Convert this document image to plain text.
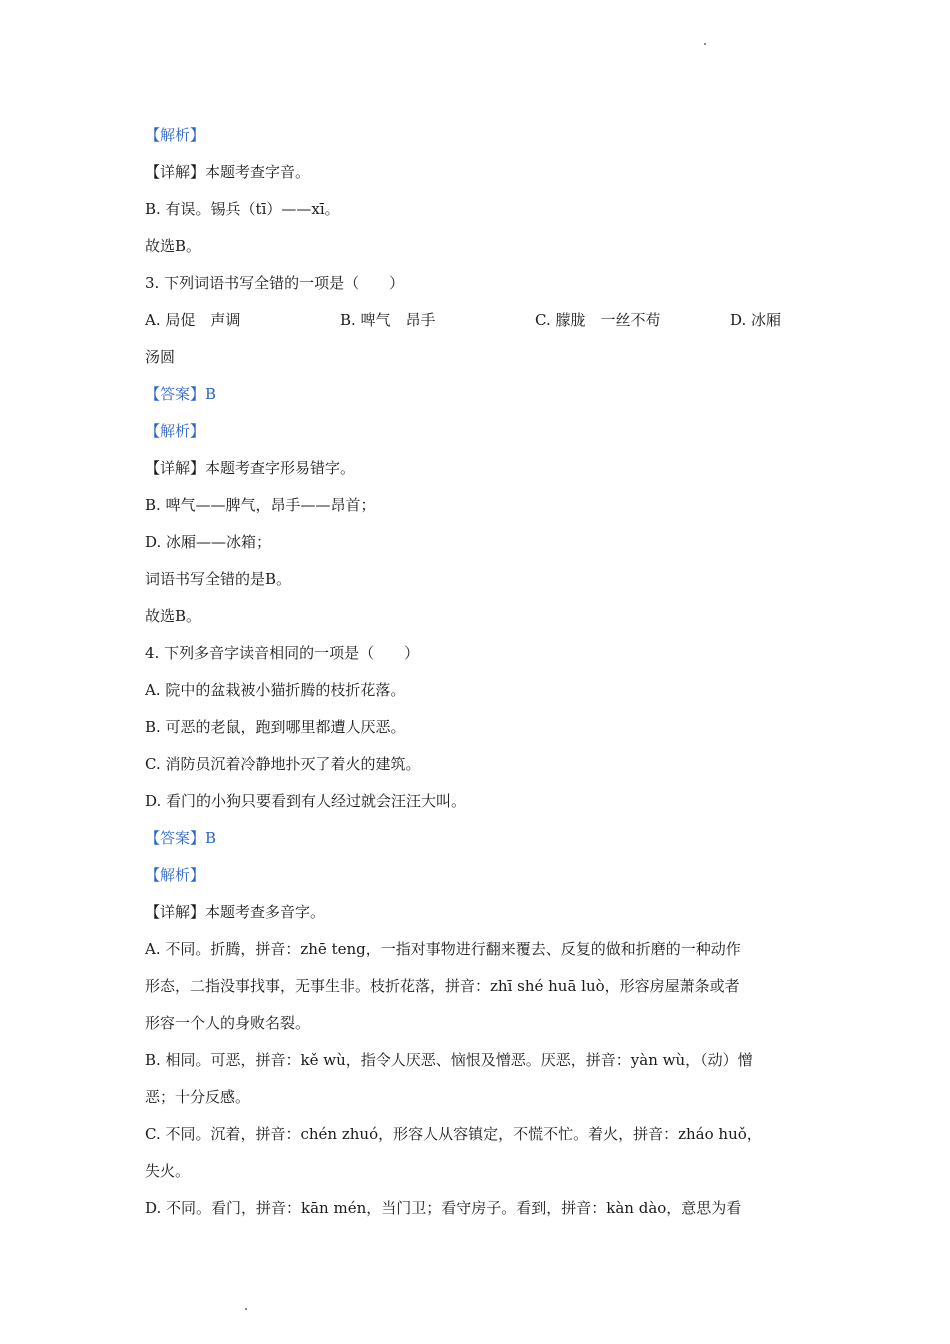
【解析】
【详解】本题考查字音。
B. 有误。锡兵（tī）——xī。
故选B。
3. 下列词语书写全错的一项是（　　）
A. 局促　声调	B. 啤气　昂手	C. 朦胧　一丝不苟	D. 冰厢
汤圆
【答案】B
【解析】
【详解】本题考查字形易错字。
B. 啤气——脾气，昂手——昂首；
D. 冰厢——冰箱；
词语书写全错的是B。
故选B。
4. 下列多音字读音相同的一项是（　　）
A. 院中的盆栽被小猫折腾的枝折花落。
B. 可恶的老鼠，跑到哪里都遭人厌恶。
C. 消防员沉着冷静地扑灭了着火的建筑。
D. 看门的小狗只要看到有人经过就会汪汪大叫。
【答案】B
【解析】
【详解】本题考查多音字。
A. 不同。折腾，拼音：zhē teng，一指对事物进行翻来覆去、反复的做和折磨的一种动作
形态，二指没事找事，无事生非。枝折花落，拼音：zhī shé huā luò，形容房屋萧条或者
形容一个人的身败名裂。
B. 相同。可恶，拼音：kě wù，指令人厌恶、恼恨及憎恶。厌恶，拼音：yàn wù，（动）憎
恶；十分反感。
C. 不同。沉着，拼音：chén zhuó，形容人从容镇定，不慌不忙。着火，拼音：zháo huǒ，
失火。
D. 不同。看门，拼音：kān mén，当门卫；看守房子。看到，拼音：kàn dào，意思为看
